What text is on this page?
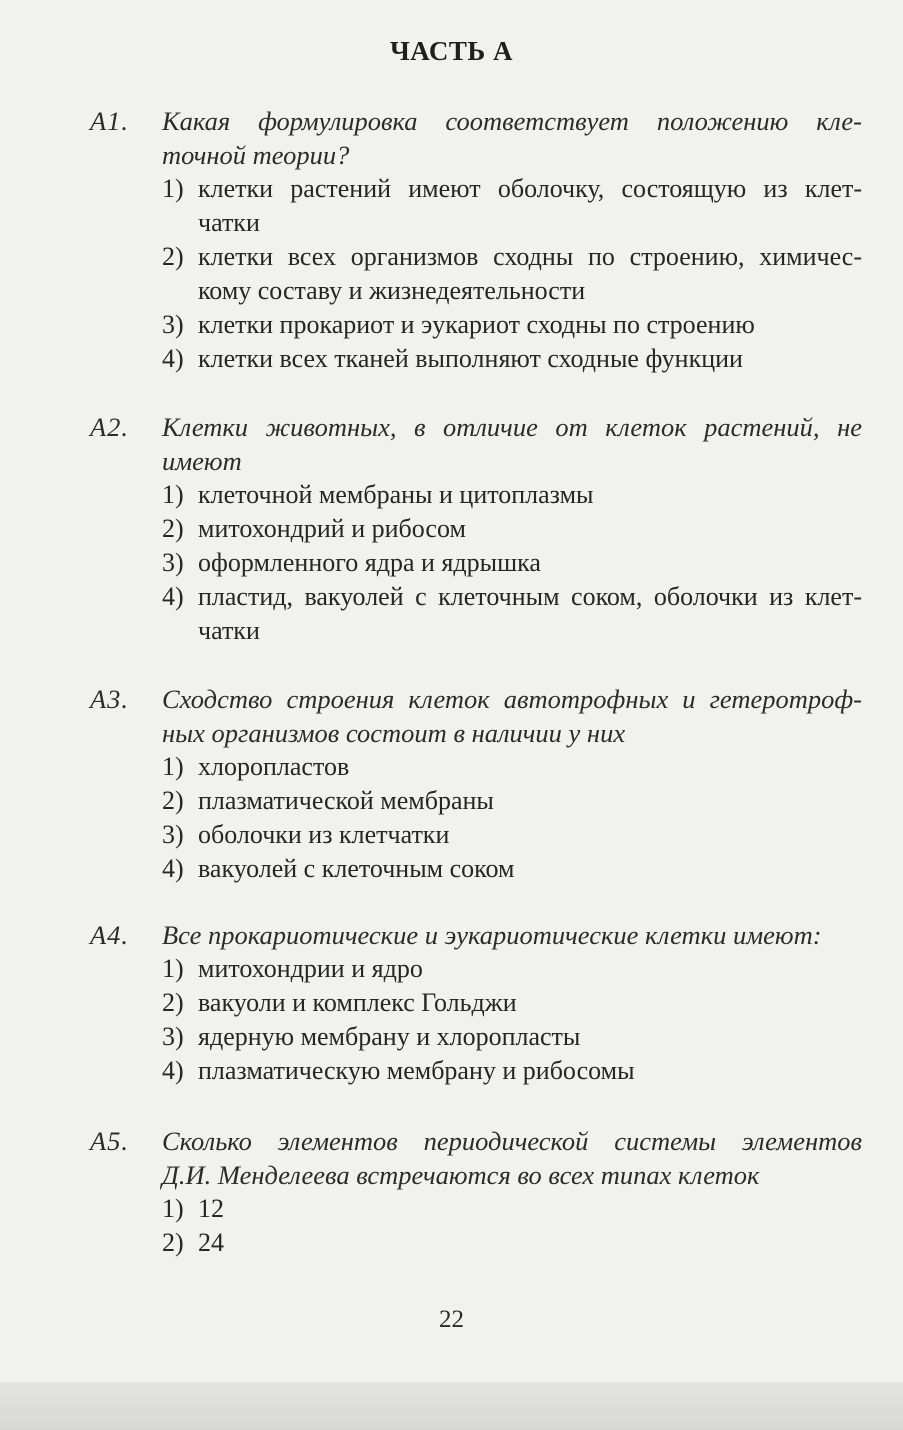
ЧАСТЬ А
A1. Какая формулировка соответствует положению кле-
точной теории?
1) клетки растений имеют оболочку, состоящую из клет-
чатки
2) клетки всех организмов сходны по строению, химичес-
кому составу и жизнедеятельности
3) клетки прокариот и эукариот сходны по строению
4) клетки всех тканей выполняют сходные функции
A2. Клетки животных, в отличие от клеток растений, не
имеют
1) клеточной мембраны и цитоплазмы
2) митохондрий и рибосом
3) оформленного ядра и ядрышка
4) пластид, вакуолей с клеточным соком, оболочки из клет-
чатки
A3. Сходство строения клеток автотрофных и гетеротроф-
ных организмов состоит в наличии у них
1) хлоропластов
2) плазматической мембраны
3) оболочки из клетчатки
4) вакуолей с клеточным соком
A4. Все прокариотические и эукариотические клетки имеют:
1) митохондрии и ядро
2) вакуоли и комплекс Гольджи
3) ядерную мембрану и хлоропласты
4) плазматическую мембрану и рибосомы
A5. Сколько элементов периодической системы элементов
Д.И. Менделеева встречаются во всех типах клеток
1) 12
2) 24
22
